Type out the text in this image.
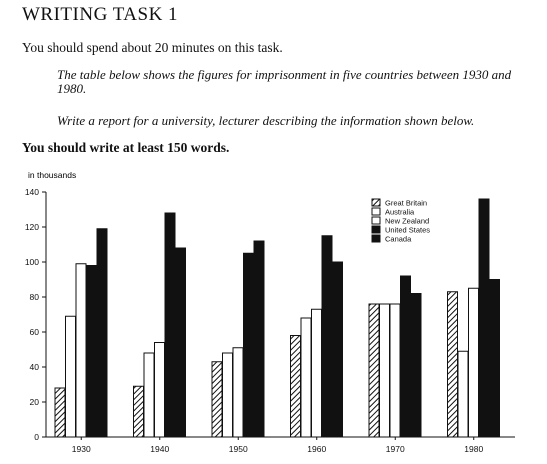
WRITING TASK 1

You should spend about 20 minutes on this task.

The table below shows the figures for imprisonment in five countries between 1930 and 1980.

Write a report for a university, lecturer describing the information shown below.

You should write at least 150 words.

in thousands
0
20
40
60
80
100
120
140
1930	1940	1950	1960	1970	1980
Great Britain
Australia
New Zealand
United States
Canada
